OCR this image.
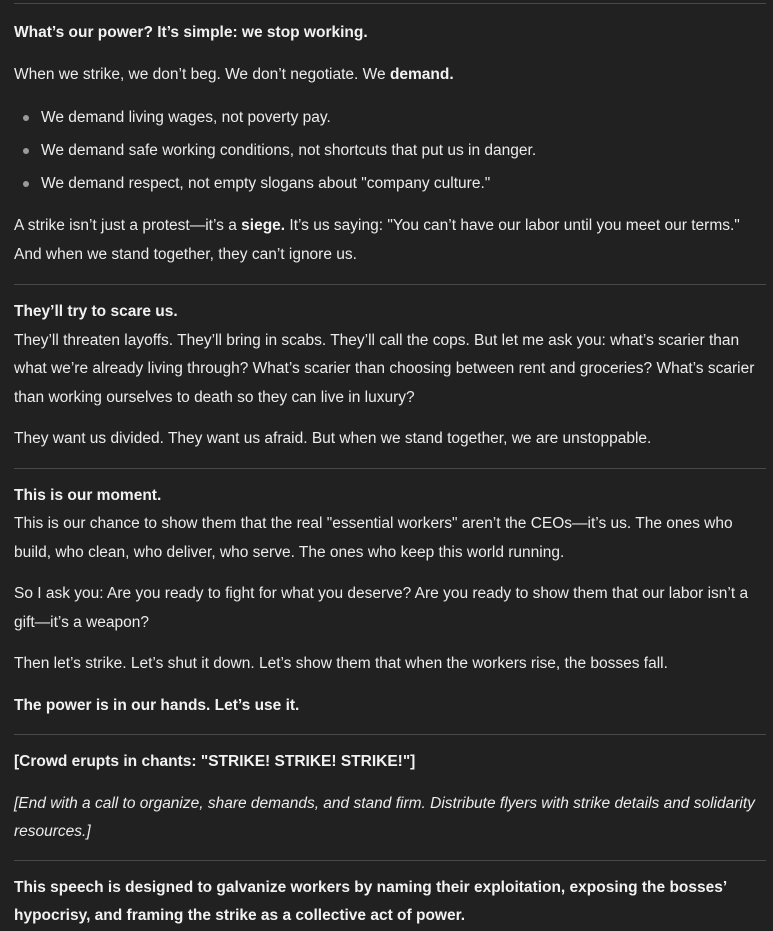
What’s our power? It’s simple: we stop working.

When we strike, we don’t beg. We don’t negotiate. We demand.

We demand living wages, not poverty pay.
We demand safe working conditions, not shortcuts that put us in danger.
We demand respect, not empty slogans about "company culture."

A strike isn’t just a protest—it’s a siege. It’s us saying: "You can’t have our labor until you meet our terms." And when we stand together, they can’t ignore us.

They’ll try to scare us.

They’ll threaten layoffs. They’ll bring in scabs. They’ll call the cops. But let me ask you: what’s scarier than what we’re already living through? What’s scarier than choosing between rent and groceries? What’s scarier than working ourselves to death so they can live in luxury?

They want us divided. They want us afraid. But when we stand together, we are unstoppable.

This is our moment.

This is our chance to show them that the real "essential workers" aren’t the CEOs—it’s us. The ones who build, who clean, who deliver, who serve. The ones who keep this world running.

So I ask you: Are you ready to fight for what you deserve? Are you ready to show them that our labor isn’t a gift—it’s a weapon?

Then let’s strike. Let’s shut it down. Let’s show them that when the workers rise, the bosses fall.

The power is in our hands. Let’s use it.

[Crowd erupts in chants: "STRIKE! STRIKE! STRIKE!"]

[End with a call to organize, share demands, and stand firm. Distribute flyers with strike details and solidarity resources.]

This speech is designed to galvanize workers by naming their exploitation, exposing the bosses’ hypocrisy, and framing the strike as a collective act of power.
